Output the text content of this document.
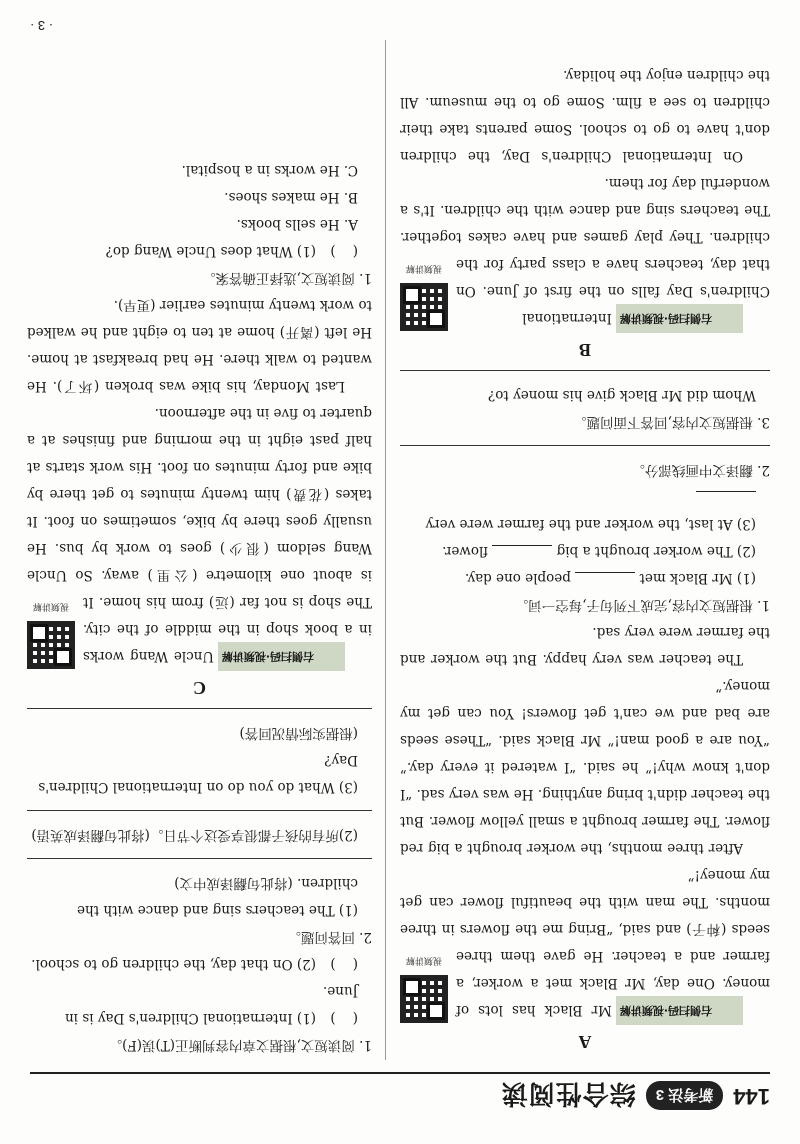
144
新考法 3
综合性阅读
A
视频讲解

右侧扫码·视频讲解Mr Black has lots of money. One day, Mr Black met a worker, a farmer and a teacher. He gave them three seeds (种子) and said, “Bring me the flowers in three months. The man with the beautiful flower can get my money!”

After three months, the worker brought a big red flower. The farmer brought a small yellow flower. But the teacher didn't bring anything. He was very sad. “I don't know why!” he said. “I watered it every day.” “You are a good man!” Mr Black said. “These seeds are bad and we can't get flowers! You can get my money.”

The teacher was very happy. But the worker and the farmer were very sad.

1. 根据短文内容,完成下列句子,每空一词。

(1) Mr Black met  people one day.

(2) The worker brought a big  flower.

(3) At last, the worker and the farmer were very

2. 翻译文中画线部分。

3. 根据短文内容,回答下面问题。

Whom did Mr Black give his money to?

B
视频讲解

右侧扫码·视频讲解International Children's Day falls on the first of June. On that day, teachers have a class party for the children. They play games and have cakes together. The teachers sing and dance with the children. It's a wonderful day for them.

On International Children's Day, the children don't have to go to school. Some parents take their children to see a film. Some go to the museum. All the children enjoy the holiday.

1. 阅读短文,根据文章内容判断正(T)误(F)。

(    )(1) International Children's Day is in June.

(    )(2) On that day, the children go to school.

2. 回答问题。

(1) The teachers sing and dance with the children. (将此句翻译成中文)

(2)所有的孩子都很享受这个节日。(将此句翻译成英语)

(3) What do you do on International Children's Day?

(根据实际情况回答)

C
视频讲解

右侧扫码·视频讲解Uncle Wang works in a book shop in the middle of the city. The shop is not far (远) from his home. It is about one kilometre (公里) away. So Uncle Wang seldom (很少) goes to work by bus. He usually goes there by bike, sometimes on foot. It takes (花费) him twenty minutes to get there by bike and forty minutes on foot. His work starts at half past eight in the morning and finishes at a quarter to five in the afternoon.

Last Monday, his bike was broken (坏了). He wanted to walk there. He had breakfast at home. He left (离开) home at ten to eight and he walked to work twenty minutes earlier (更早).

1. 阅读短文,选择正确答案。

(    )(1) What does Uncle Wang do?

A. He sells books.

B. He makes shoes.

C. He works in a hospital.

· 3 ·
